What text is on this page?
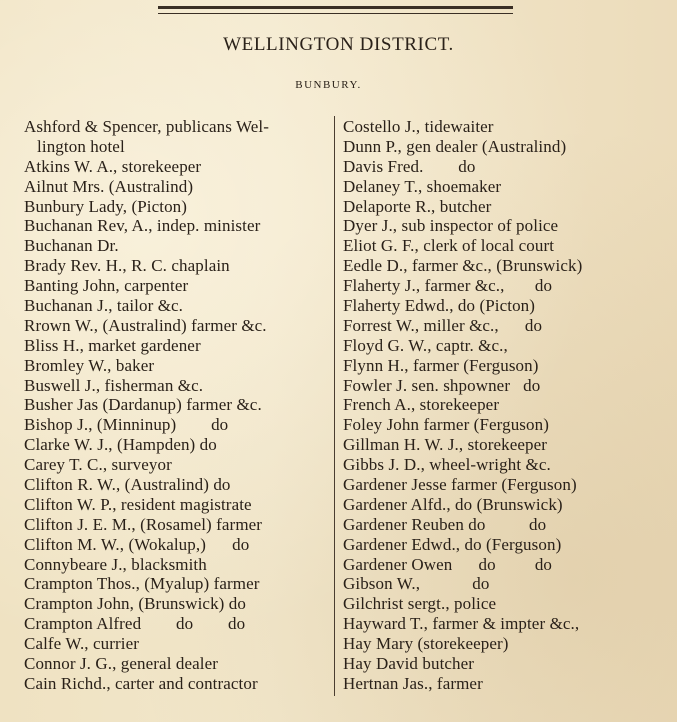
WELLINGTON DISTRICT.
BUNBURY.
Ashford & Spencer, publicans Wel-
lington hotel
Atkins W. A., storekeeper
Ailnut Mrs. (Australind)
Bunbury Lady, (Picton)
Buchanan Rev, A., indep. minister
Buchanan Dr.
Brady Rev. H., R. C. chaplain
Banting John, carpenter
Buchanan J., tailor &c.
Rrown W., (Australind) farmer &c.
Bliss H., market gardener
Bromley W., baker
Buswell J., fisherman &c.
Busher Jas (Dardanup) farmer &c.
Bishop J., (Minninup)        do
Clarke W. J., (Hampden) do
Carey T. C., surveyor
Clifton R. W., (Australind) do
Clifton W. P., resident magistrate
Clifton J. E. M., (Rosamel) farmer
Clifton M. W., (Wokalup,)      do
Connybeare J., blacksmith
Crampton Thos., (Myalup) farmer
Crampton John, (Brunswick) do
Crampton Alfred        do        do
Calfe W., currier
Connor J. G., general dealer
Cain Richd., carter and contractor
Costello J., tidewaiter
Dunn P., gen dealer (Australind)
Davis Fred.        do
Delaney T., shoemaker
Delaporte R., butcher
Dyer J., sub inspector of police
Eliot G. F., clerk of local court
Eedle D., farmer &c., (Brunswick)
Flaherty J., farmer &c.,       do
Flaherty Edwd., do (Picton)
Forrest W., miller &c.,      do
Floyd G. W., captr. &c.,
Flynn H., farmer (Ferguson)
Fowler J. sen. shpowner   do
French A., storekeeper
Foley John farmer (Ferguson)
Gillman H. W. J., storekeeper
Gibbs J. D., wheel-wright &c.
Gardener Jesse farmer (Ferguson)
Gardener Alfd., do (Brunswick)
Gardener Reuben do          do
Gardener Edwd., do (Ferguson)
Gardener Owen      do         do
Gibson W.,            do
Gilchrist sergt., police
Hayward T., farmer & impter &c.,
Hay Mary (storekeeper)
Hay David butcher
Hertnan Jas., farmer
